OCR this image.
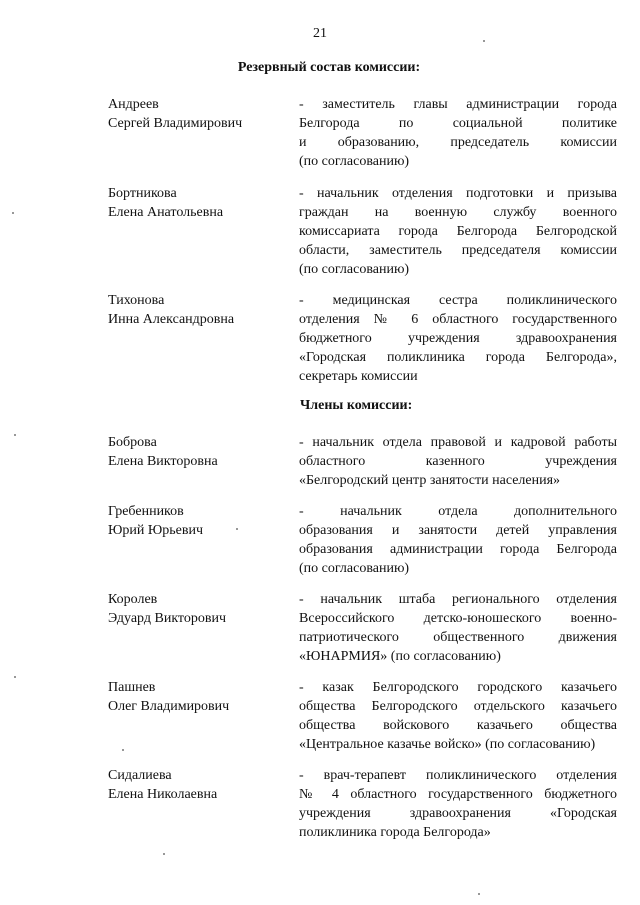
21
Резервный состав комиссии:
Андреев
Сергей Владимирович
- заместитель главы администрации города
Белгорода по социальной политике
и образованию, председатель комиссии
(по согласованию)
Бортникова
Елена Анатольевна
- начальник отделения подготовки и призыва
граждан на военную службу военного
комиссариата города Белгорода Белгородской
области, заместитель председателя комиссии
(по согласованию)
Тихонова
Инна Александровна
- медицинская сестра поликлинического
отделения № 6 областного государственного
бюджетного учреждения здравоохранения
«Городская поликлиника города Белгорода»,
секретарь комиссии
Члены комиссии:
Боброва
Елена Викторовна
- начальник отдела правовой и кадровой работы
областного казенного учреждения
«Белгородский центр занятости населения»
Гребенников
Юрий Юрьевич
- начальник отдела дополнительного
образования и занятости детей управления
образования администрации города Белгорода
(по согласованию)
Королев
Эдуард Викторович
- начальник штаба регионального отделения
Всероссийского детско-юношеского военно-
патриотического общественного движения
«ЮНАРМИЯ» (по согласованию)
Пашнев
Олег Владимирович
- казак Белгородского городского казачьего
общества Белгородского отдельского казачьего
общества войскового казачьего общества
«Центральное казачье войско» (по согласованию)
Сидалиева
Елена Николаевна
- врач-терапевт поликлинического отделения
№ 4 областного государственного бюджетного
учреждения здравоохранения «Городская
поликлиника города Белгорода»
